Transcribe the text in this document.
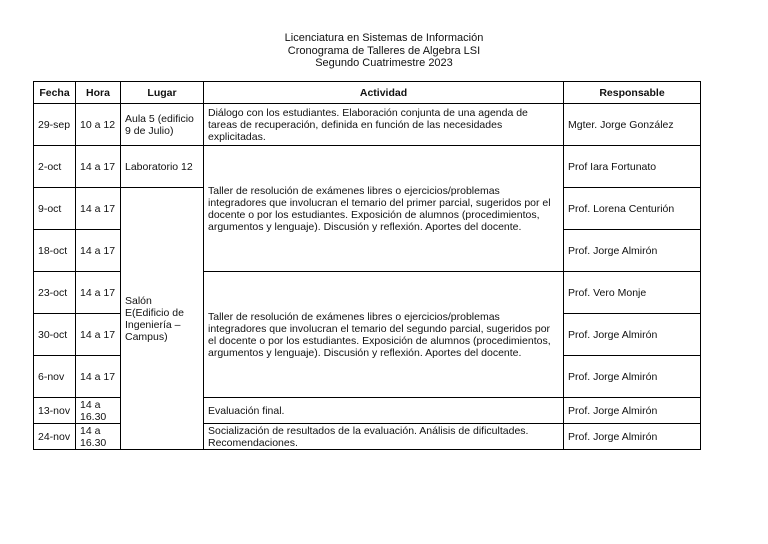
Licenciatura en Sistemas de Información
Cronograma de Talleres de Algebra LSI
Segundo Cuatrimestre 2023
Fecha	Hora	Lugar	Actividad	Responsable
29-sep	10 a 12	Aula 5 (edificio 9 de Julio)	Diálogo con los estudiantes. Elaboración conjunta de una agenda de tareas de recuperación, definida en función de las necesidades explicitadas.	Mgter. Jorge González
2-oct	14 a 17	Laboratorio 12	Taller de resolución de exámenes libres o ejercicios/problemas integradores que involucran el temario del primer parcial, sugeridos por el docente o por los estudiantes. Exposición de alumnos (procedimientos, argumentos y lenguaje). Discusión y reflexión. Aportes del docente.	Prof Iara Fortunato
9-oct	14 a 17	Salón E(Edificio de Ingeniería – Campus)		Prof. Lorena Centurión
18-oct	14 a 17			Prof. Jorge Almirón
23-oct	14 a 17		Taller de resolución de exámenes libres o ejercicios/problemas integradores que involucran el temario del segundo parcial, sugeridos por el docente o por los estudiantes. Exposición de alumnos (procedimientos, argumentos y lenguaje). Discusión y reflexión. Aportes del docente.	Prof. Vero Monje
30-oct	14 a 17			Prof. Jorge Almirón
6-nov	14 a 17			Prof. Jorge Almirón
13-nov	14 a 16.30		Evaluación final.	Prof. Jorge Almirón
24-nov	14 a 16.30		Socialización de resultados de la evaluación. Análisis de dificultades. Recomendaciones.	Prof. Jorge Almirón
